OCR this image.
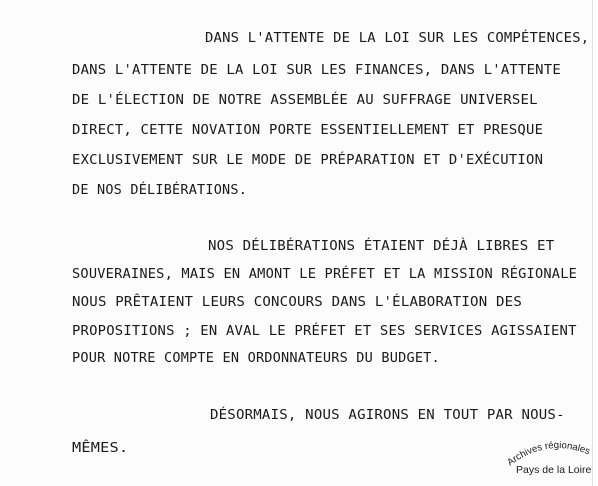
DANS L'ATTENTE DE LA LOI SUR LES COMPÉTENCES,
DANS L'ATTENTE DE LA LOI SUR LES FINANCES, DANS L'ATTENTE
DE L'ÉLECTION DE NOTRE ASSEMBLÉE AU SUFFRAGE UNIVERSEL
DIRECT, CETTE NOVATION PORTE ESSENTIELLEMENT ET PRESQUE
EXCLUSIVEMENT SUR LE MODE DE PRÉPARATION ET D'EXÉCUTION
DE NOS DÉLIBÉRATIONS.
NOS DÉLIBÉRATIONS ÉTAIENT DÉJÀ LIBRES ET
SOUVERAINES, MAIS EN AMONT LE PRÉFET ET LA MISSION RÉGIONALE
NOUS PRÊTAIENT LEURS CONCOURS DANS L'ÉLABORATION DES
PROPOSITIONS ; EN AVAL LE PRÉFET ET SES SERVICES AGISSAIENT
POUR NOTRE COMPTE EN ORDONNATEURS DU BUDGET.
DÉSORMAIS, NOUS AGIRONS EN TOUT PAR NOUS-
MÊMES.
Archives régionales
Pays de la Loire
